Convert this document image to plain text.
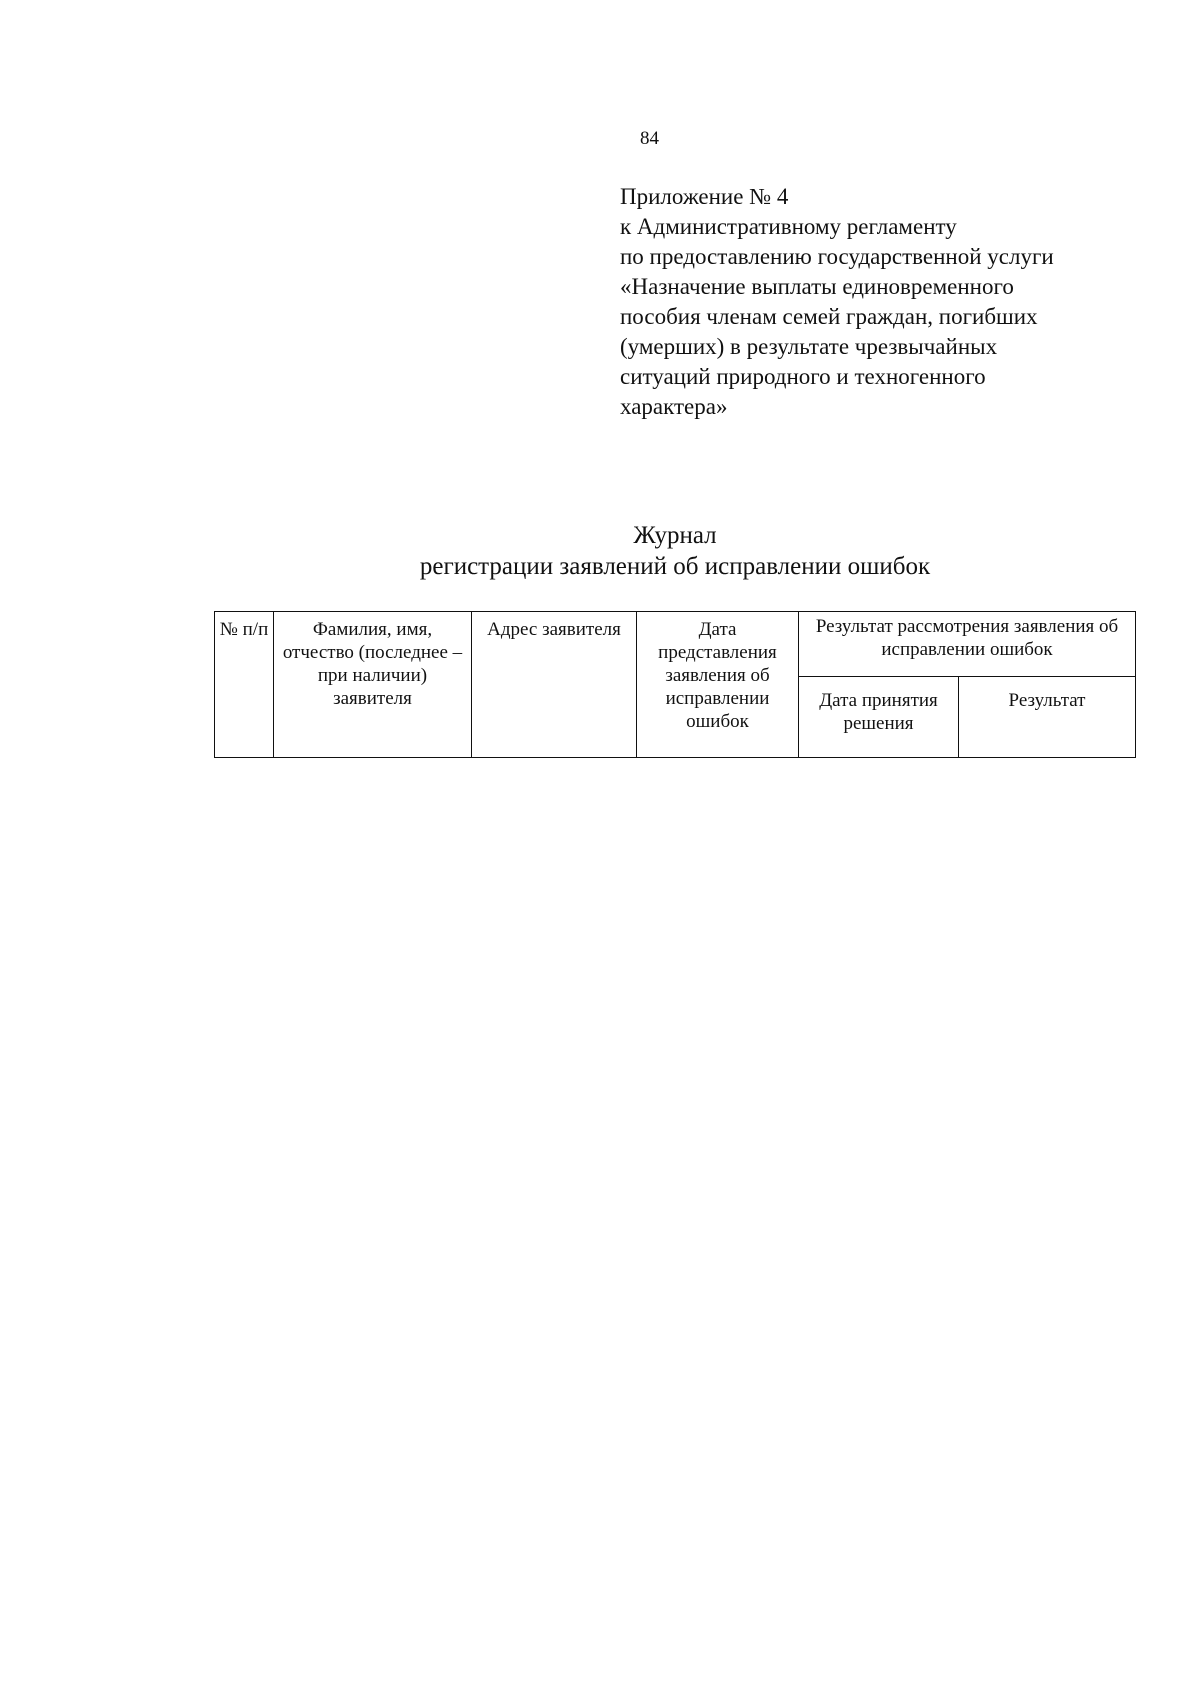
84
Приложение № 4
к Административному регламенту
по предоставлению государственной услуги
«Назначение выплаты единовременного
пособия членам семей граждан, погибших
(умерших) в результате чрезвычайных
ситуаций природного и техногенного
характера»
Журнал
регистрации заявлений об исправлении ошибок
№ п/п	Фамилия, имя, отчество (последнее – при наличии) заявителя	Адрес заявителя	Дата представления заявления об исправлении ошибок	Результат рассмотрения заявления об исправлении ошибок	
				Дата принятия решения	Результат
